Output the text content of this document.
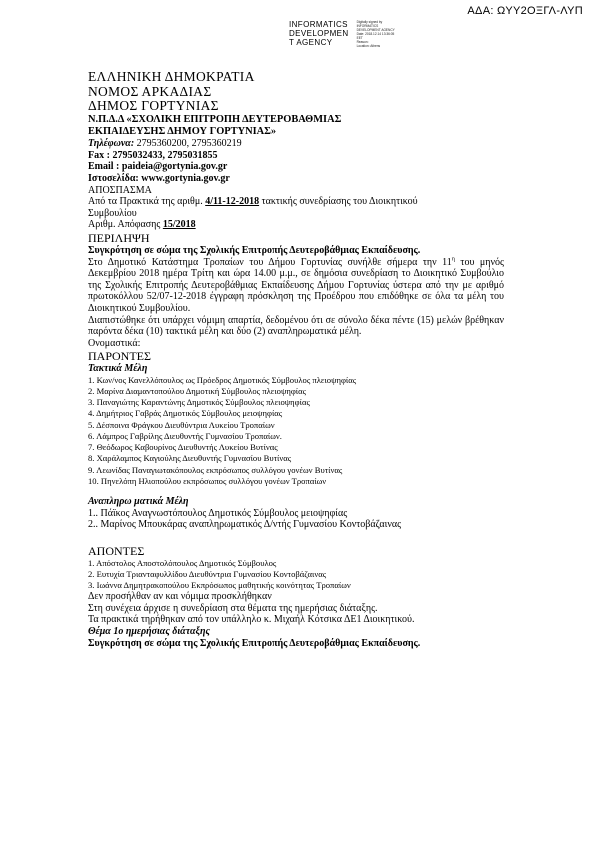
ΑΔΑ: ΩΥΥ2ΟΞΓΛ-ΛΥΠ
INFORMATICS
DEVELOPMEN
T AGENCY
Digitally signed by
INFORMATICS
DEVELOPMENT AGENCY
Date: 2018.12.14 13:36:05
EET
Reason:
Location: Athens
ΕΛΛΗΝΙΚΗ ΔΗΜΟΚΡΑΤΙΑ
ΝΟΜΟΣ ΑΡΚΑΔΙΑΣ
ΔΗΜΟΣ ΓΟΡΤΥΝΙΑΣ
Ν.Π.Δ.Δ «ΣΧΟΛΙΚΗ ΕΠΙΤΡΟΠΗ ΔΕΥΤΕΡΟΒΑΘΜΙΑΣ
ΕΚΠΑΙΔΕΥΣΗΣ ΔΗΜΟΥ ΓΟΡΤΥΝΙΑΣ»
Τηλέφωνα: 2795360200, 2795360219
Fax : 2795032433, 2795031855
Email : paideia@gortynia.gov.gr
Ιστοσελίδα: www.gortynia.gov.gr
ΑΠΟΣΠΑΣΜΑ
Από τα Πρακτικά της αριθμ. 4/11-12-2018 τακτικής συνεδρίασης του Διοικητικού
Συμβουλίου
Αριθμ. Απόφασης 15/2018
ΠΕΡΙΛΗΨΗ
Συγκρότηση σε σώμα της Σχολικής Επιτροπής Δευτεροβάθμιας Εκπαίδευσης.
Στο Δημοτικό Κατάστημα Τροπαίων του Δήμου Γορτυνίας συνήλθε σήμερα την $11^\eta$ του μηνός Δεκεμβρίου 2018 ημέρα Τρίτη και ώρα 14.00 μ.μ., σε δημόσια συνεδρίαση το Διοικητικό Συμβούλιο της Σχολικής Επιτροπής Δευτεροβάθμιας Εκπαίδευσης Δήμου Γορτυνίας ύστερα από την με αριθμό πρωτοκόλλου 52/07-12-2018 έγγραφη πρόσκληση της Προέδρου που επιδόθηκε σε όλα τα μέλη του Διοικητικού Συμβουλίου.
Διαπιστώθηκε ότι υπάρχει νόμιμη απαρτία, δεδομένου ότι σε σύνολο δέκα πέντε (15) μελών βρέθηκαν παρόντα δέκα (10) τακτικά μέλη και δύο (2) αναπληρωματικά μέλη.
Ονομαστικά:
ΠΑΡΟΝΤΕΣ
Τακτικά Μέλη
1. Κων/νος Κανελλόπουλος ως Πρόεδρος Δημοτικός Σύμβουλος πλειοψηφίας
2. Μαρίνα Διαμαντοπούλου Δημοτική Σύμβουλος πλειοψηφίας
3. Παναγιώτης Καραντώνης Δημοτικός Σύμβουλος πλειοψηφίας
4. Δημήτριος Γαβράς Δημοτικός Σύμβουλος μειοψηφίας
5. Δέσποινα Φράγκου Διευθύντρια Λυκείου Τροπαίων
6. Λάμπρος Γαβρίλης Διευθυντής Γυμνασίου Τροπαίων.
7. Θεόδωρος Καβουρίνος Διευθυντής Λυκείου Βυτίνας
8. Χαράλαμπος Καγιούλης Διευθυντής Γυμνασίου Βυτίνας
9. Λεωνίδας Παναγιωτακόπουλος εκπρόσωπος συλλόγου γονέων Βυτίνας
10. Πηνελόπη Ηλιοπούλου εκπρόσωπος συλλόγου γονέων Τροπαίων
Αναπληρω ματικά Μέλη
1.. Πάϊκος Αναγνωστόπουλος Δημοτικός Σύμβουλος μειοψηφίας
2.. Μαρίνος Μπουκάρας αναπληρωματικός Δ/ντής Γυμνασίου Κοντοβάζαινας
ΑΠΟΝΤΕΣ
1. Απόστολος Αποστολόπουλος Δημοτικός Σύμβουλος
2. Ευτυχία Τριανταφυλλίδου Διευθύντρια Γυμνασίου Κοντοβάζαινας
3. Ιωάννα Δημητρακοπούλου Εκπρόσωπος μαθητικής κοινότητας Τροπαίων
Δεν προσήλθαν αν και νόμιμα προσκλήθηκαν
Στη συνέχεια άρχισε η συνεδρίαση στα θέματα της ημερήσιας διάταξης.
Τα πρακτικά τηρήθηκαν από τον υπάλληλο κ. Μιχαήλ Κότσικα ΔΕ1 Διοικητικού.
Θέμα 1ο ημερήσιας διάταξης
Συγκρότηση σε σώμα της Σχολικής Επιτροπής Δευτεροβάθμιας Εκπαίδευσης.
